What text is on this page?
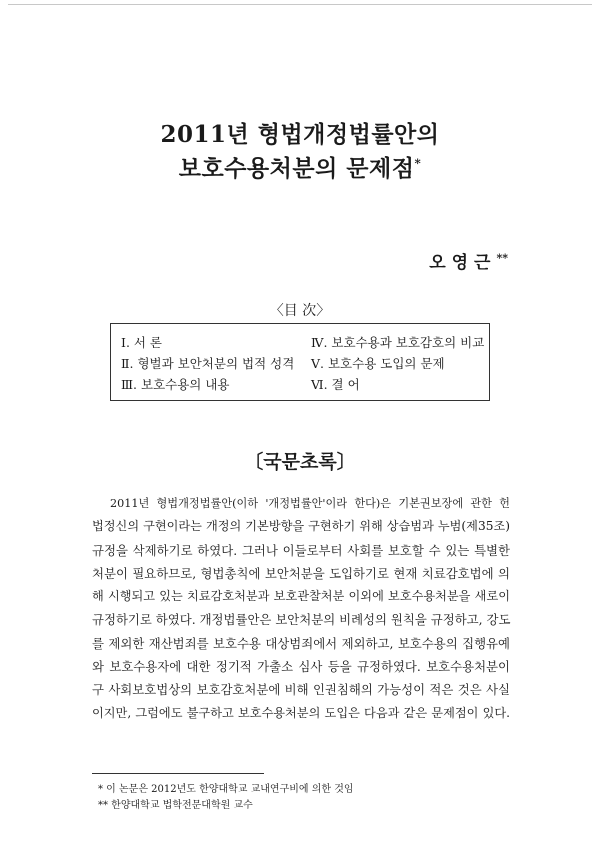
2011년 형법개정법률안의
보호수용처분의 문제점*
오영근**
〈目 次〉
Ⅰ. 서 론
Ⅱ. 형벌과 보안처분의 법적 성격
Ⅲ. 보호수용의 내용
Ⅳ. 보호수용과 보호감호의 비교
Ⅴ. 보호수용 도입의 문제
Ⅵ. 결 어
〔국문초록〕
2011년 형법개정법률안(이하 '개정법률안'이라 한다)은 기본권보장에 관한 헌
법정신의 구현이라는 개정의 기본방향을 구현하기 위해 상습범과 누범(제35조)
규정을 삭제하기로 하였다. 그러나 이들로부터 사회를 보호할 수 있는 특별한
처분이 필요하므로, 형법총칙에 보안처분을 도입하기로 현재 치료감호법에 의
해 시행되고 있는 치료감호처분과 보호관찰처분 이외에 보호수용처분을 새로이
규정하기로 하였다. 개정법률안은 보안처분의 비례성의 원칙을 규정하고, 강도
를 제외한 재산범죄를 보호수용 대상범죄에서 제외하고, 보호수용의 집행유예
와 보호수용자에 대한 정기적 가출소 심사 등을 규정하였다. 보호수용처분이
구 사회보호법상의 보호감호처분에 비해 인권침해의 가능성이 적은 것은 사실
이지만, 그럼에도 불구하고 보호수용처분의 도입은 다음과 같은 문제점이 있다.
* 이 논문은 2012년도 한양대학교 교내연구비에 의한 것임
** 한양대학교 법학전문대학원 교수
